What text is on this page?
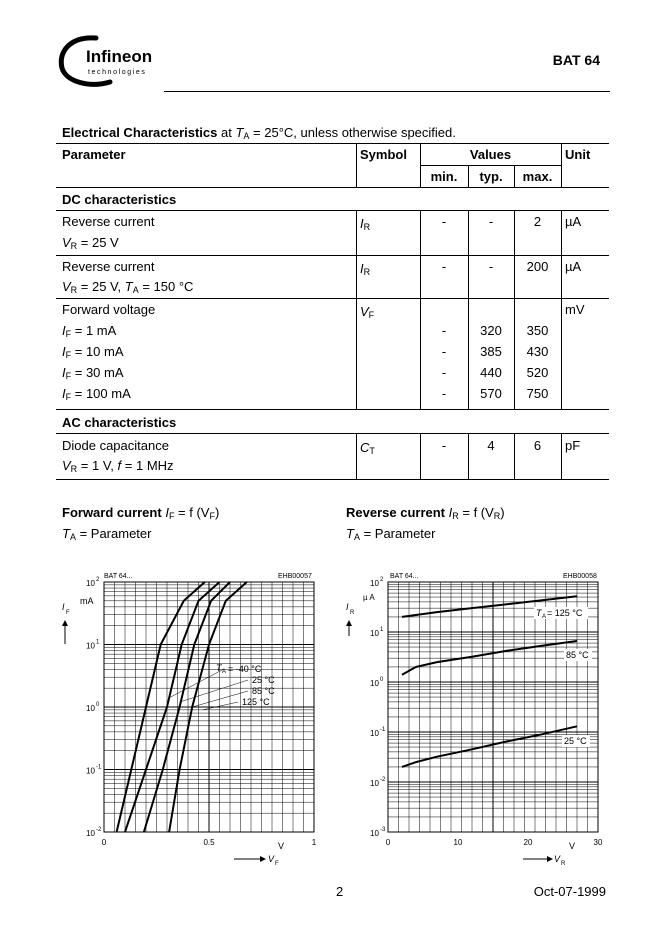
Infineon
technologies
BAT 64
Electrical Characteristics at $T_A = 25^\circ C$, unless otherwise specified.
Parameter	Symbol	Values	Unit
min.	typ.	max.
DC characteristics
Reverse current
$V_R = 25$ V
$I_R$	-	-	2	µA
Reverse current
$V_R = 25$ V, $T_A = 150$ °C
$I_R$	-	-	200	µA
Forward voltage	$V_F$	mV
$I_F = 1$ mA	-	320	350
$I_F = 10$ mA	-	385	430
$I_F = 30$ mA	-	440	520
$I_F = 100$ mA	-	570	750
AC characteristics
Diode capacitance
$V_R = 1$ V, f = 1 MHz
$C_T$	-	4	6	pF
Forward current $I_F = f$ $(V_F)$
$T_A$ = Parameter
Reverse current $I_R = f$ $(V_R)$
$T_A$ = Parameter
BAT 64...	EHB00057
10 2
10 1
10 0
10 -1
10 -2
0	0.5	1
= -40 °C
25 °C
85 °C
125 °C
I
F
mA
V F
V
T A
BAT 64...	EHB00058
10 2
10 1
10 0
10 -1
10 -2
10 -3
0	10	20	30
T A = 125 °C
85 °C
25 °C
I
R
µ A
V R
V
2	Oct-07-1999
